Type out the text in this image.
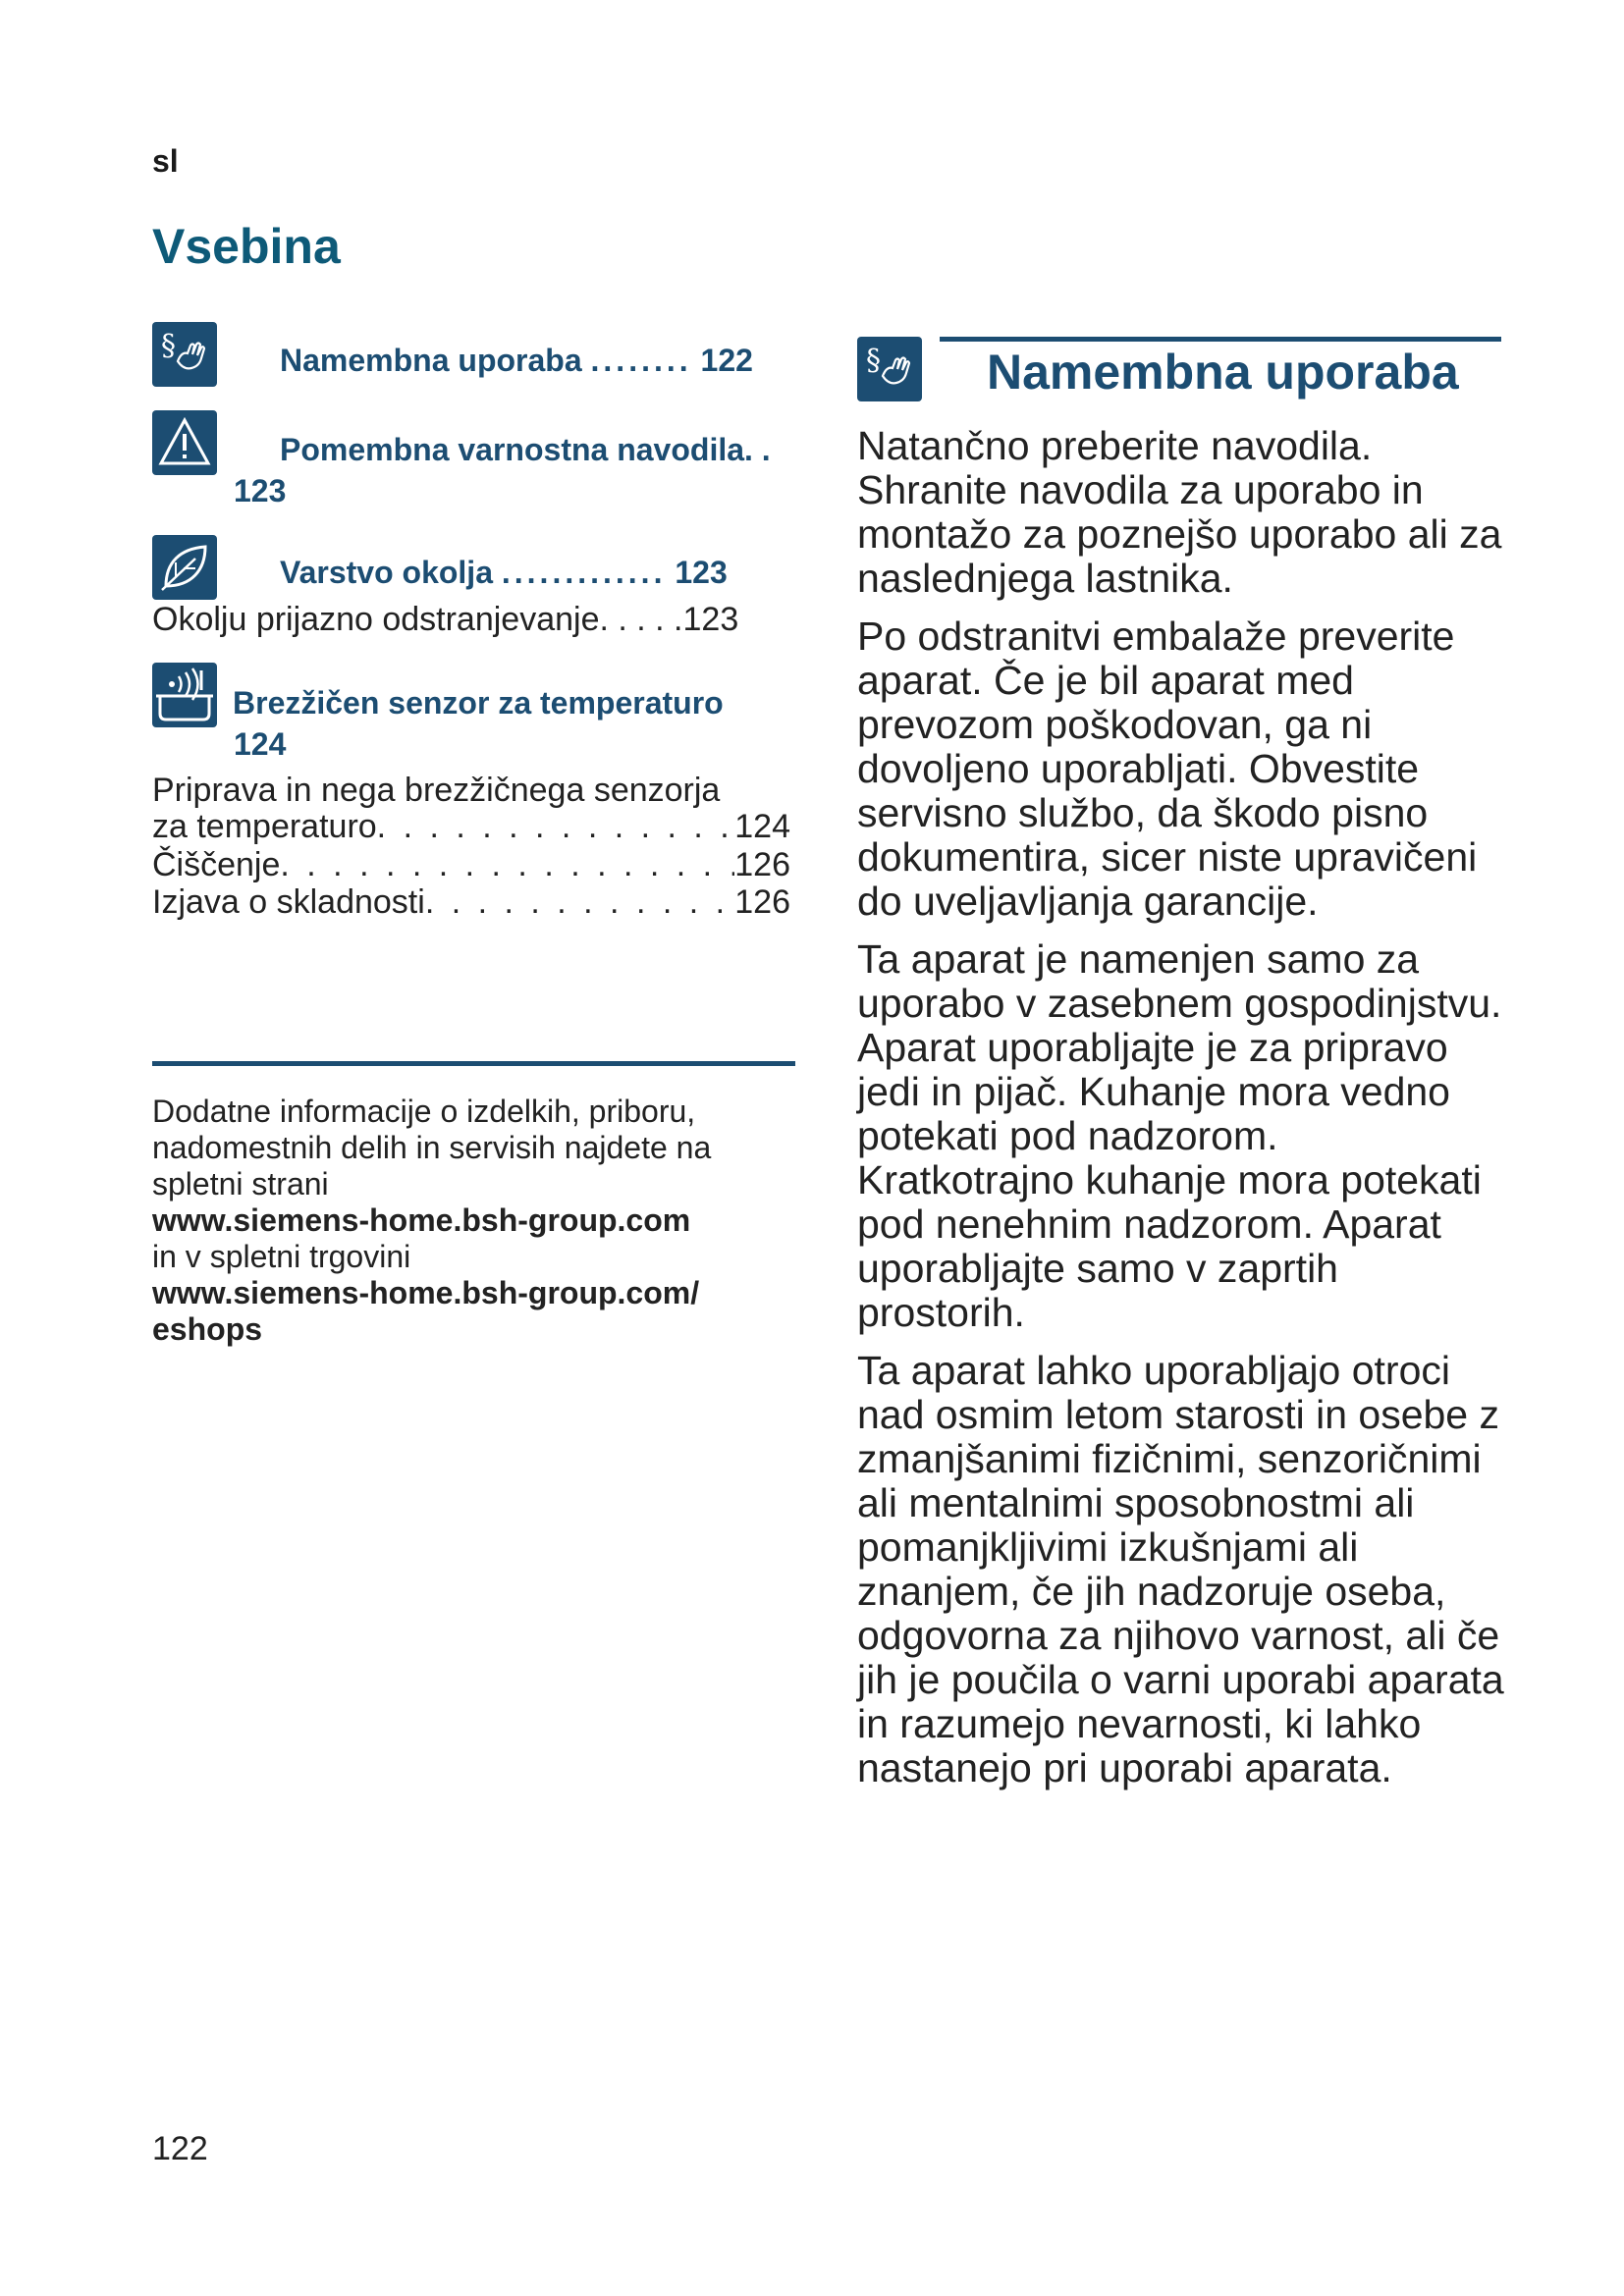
sl
Vsebina
§	Namembna uporaba ........ 122
Pomembna varnostna navodila. .
123
Varstvo okolja ............. 123
Okolju prijazno odstranjevanje. . . . .123
Brezžičen senzor za temperaturo
124
Priprava in nega brezžičnega senzorja
za temperaturo . . .	124
Čiščenje . . .	126
Izjava o skladnosti . . .	126
Dodatne informacije o izdelkih, priboru, nadomestnih delih in servisih najdete na spletni strani
www.siemens-home.bsh-group.com
in v spletni trgovini
www.siemens-home.bsh-group.com/
eshops
§ Namembna uporaba

Natančno preberite navodila. Shranite navodila za uporabo in montažo za poznejšo uporabo ali za naslednjega lastnika.

Po odstranitvi embalaže preverite aparat. Če je bil aparat med prevozom poškodovan, ga ni dovoljeno uporabljati. Obvestite servisno službo, da škodo pisno dokumentira, sicer niste upravičeni do uveljavljanja garancije.

Ta aparat je namenjen samo za uporabo v zasebnem gospodinjstvu. Aparat uporabljajte je za pripravo jedi in pijač. Kuhanje mora vedno potekati pod nadzorom. Kratkotrajno kuhanje mora potekati pod nenehnim nadzorom. Aparat uporabljajte samo v zaprtih prostorih.

Ta aparat lahko uporabljajo otroci nad osmim letom starosti in osebe z zmanjšanimi fizičnimi, senzoričnimi ali mentalnimi sposobnostmi ali pomanjkljivimi izkušnjami ali znanjem, če jih nadzoruje oseba, odgovorna za njihovo varnost, ali če jih je poučila o varni uporabi aparata in razumejo nevarnosti, ki lahko nastanejo pri uporabi aparata.

122
